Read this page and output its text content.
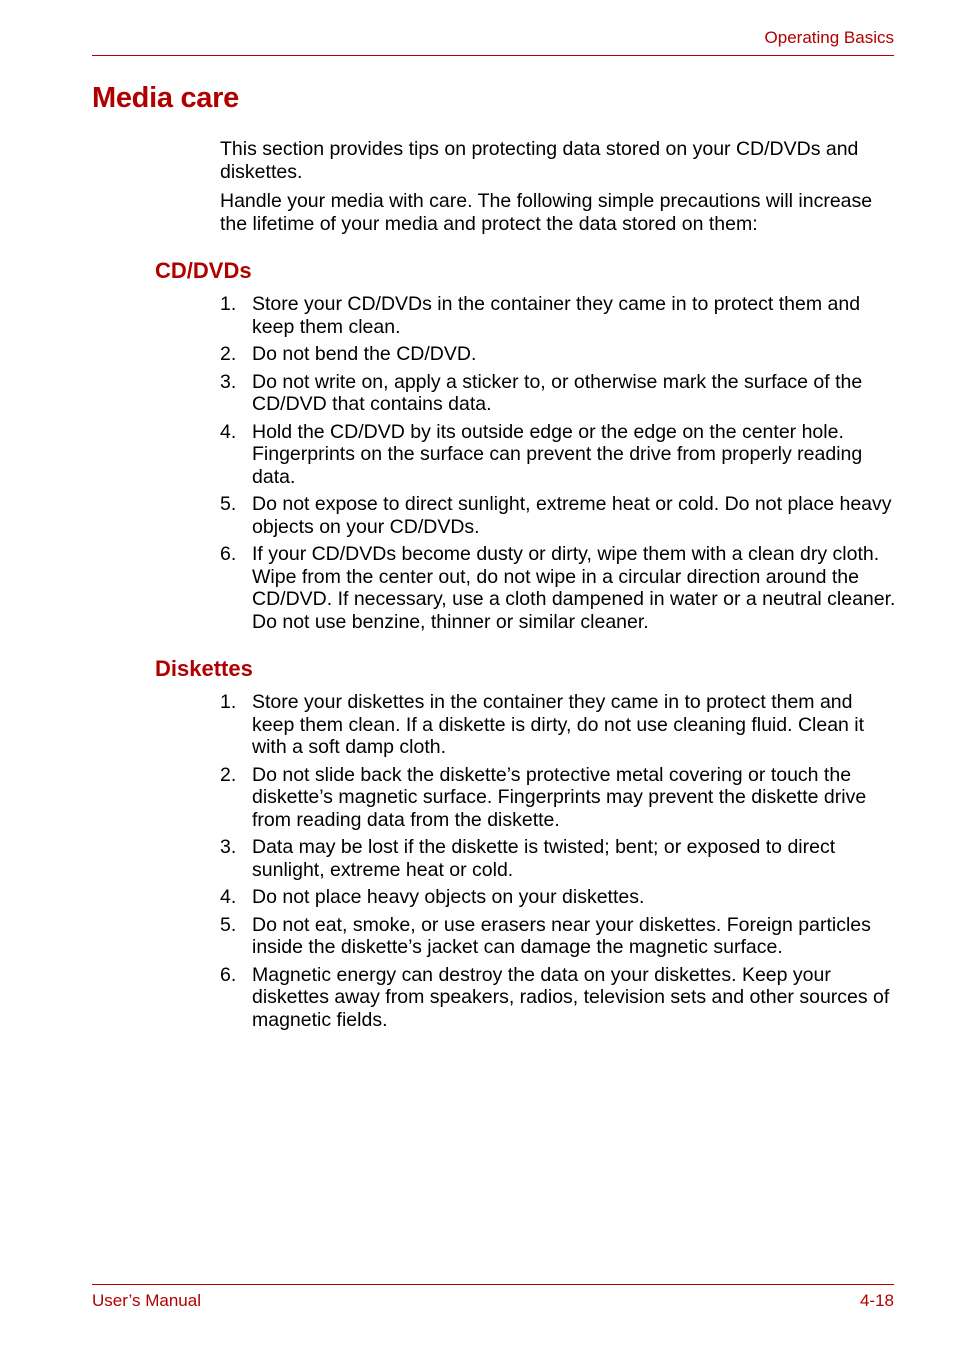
Operating Basics
Media care

This section provides tips on protecting data stored on your CD/DVDs and diskettes.

Handle your media with care. The following simple precautions will increase the lifetime of your media and protect the data stored on them:

CD/DVDs
1. Store your CD/DVDs in the container they came in to protect them and keep them clean.
2. Do not bend the CD/DVD.
3. Do not write on, apply a sticker to, or otherwise mark the surface of the CD/DVD that contains data.
4. Hold the CD/DVD by its outside edge or the edge on the center hole. Fingerprints on the surface can prevent the drive from properly reading data.
5. Do not expose to direct sunlight, extreme heat or cold. Do not place heavy objects on your CD/DVDs.
6. If your CD/DVDs become dusty or dirty, wipe them with a clean dry cloth. Wipe from the center out, do not wipe in a circular direction around the CD/DVD. If necessary, use a cloth dampened in water or a neutral cleaner. Do not use benzine, thinner or similar cleaner.
Diskettes
1. Store your diskettes in the container they came in to protect them and keep them clean. If a diskette is dirty, do not use cleaning fluid. Clean it with a soft damp cloth.
2. Do not slide back the diskette’s protective metal covering or touch the diskette’s magnetic surface. Fingerprints may prevent the diskette drive from reading data from the diskette.
3. Data may be lost if the diskette is twisted; bent; or exposed to direct sunlight, extreme heat or cold.
4. Do not place heavy objects on your diskettes.
5. Do not eat, smoke, or use erasers near your diskettes. Foreign particles inside the diskette’s jacket can damage the magnetic surface.
6. Magnetic energy can destroy the data on your diskettes. Keep your diskettes away from speakers, radios, television sets and other sources of magnetic fields.
User’s Manual	4-18
